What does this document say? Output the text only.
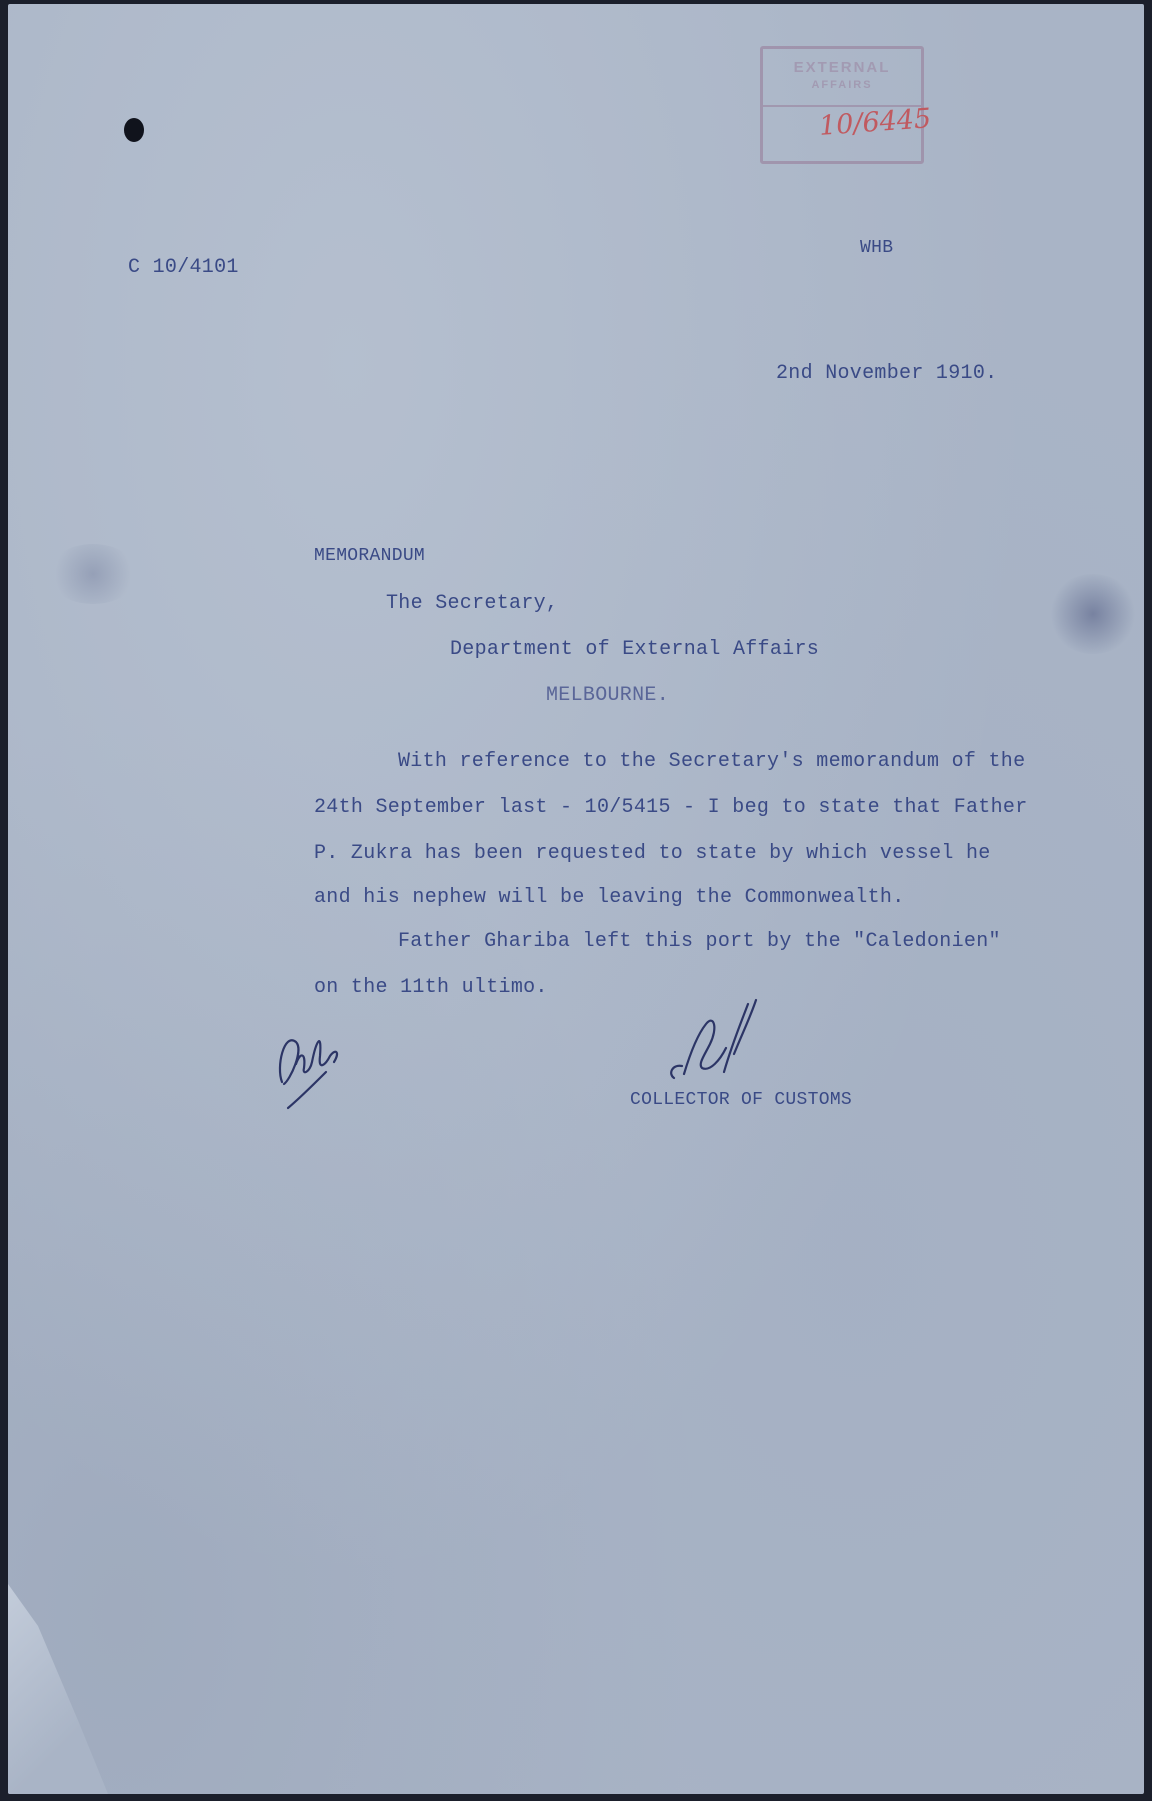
EXTERNAL
AFFAIRS
10/6445
C 10/4101
WHB
2nd November 1910.
MEMORANDUM
The Secretary,
Department of External Affairs
MELBOURNE.
With reference to the Secretary's memorandum of the
24th September last - 10/5415 - I beg to state that Father
P. Zukra has been requested to state by which vessel he
and his nephew will be leaving the Commonwealth.
Father Ghariba left this port by the "Caledonien"
on the 11th ultimo.
COLLECTOR OF CUSTOMS
